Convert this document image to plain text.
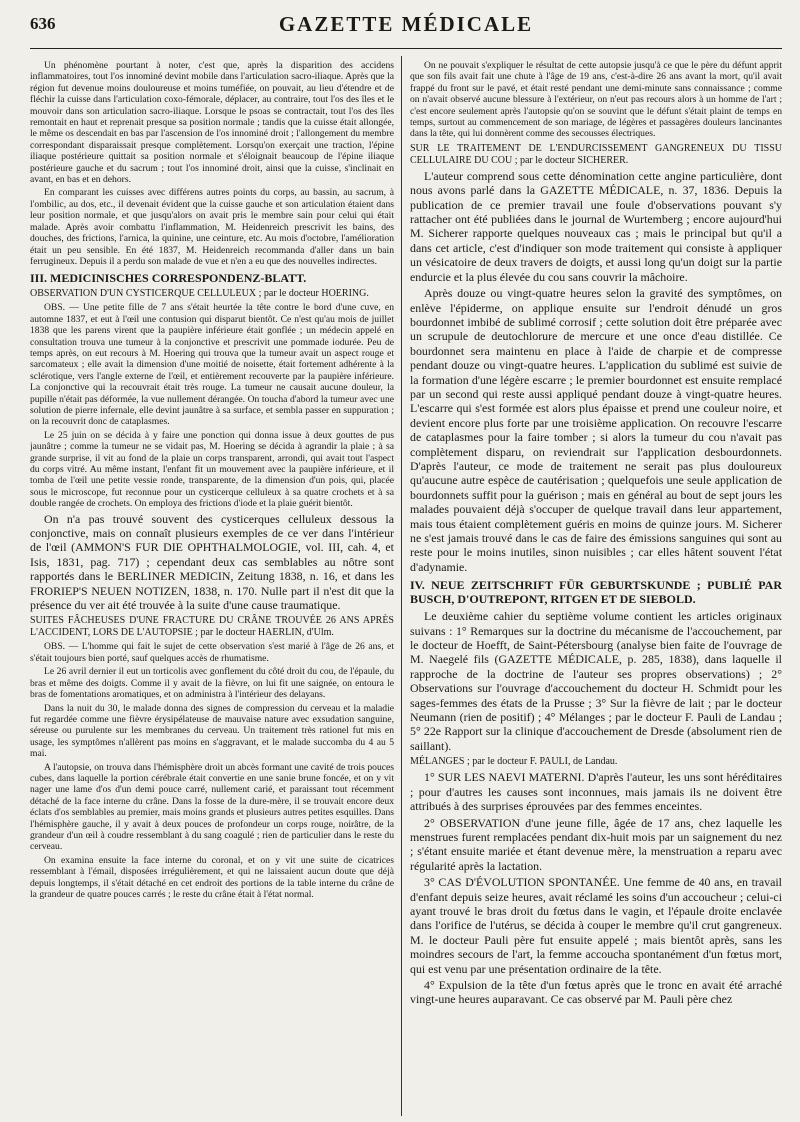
636	GAZETTE MÉDICALE

Un phénomène pourtant à noter, c'est que, après la disparition des accidens inflammatoires, tout l'os innominé devint mobile dans l'articulation sacro-iliaque. Après que la région fut devenue moins douloureuse et moins tuméfiée, on pouvait, au lieu d'étendre et de fléchir la cuisse dans l'articulation coxo-fémorale, déplacer, au contraire, tout l'os des îles et le mouvoir dans son articulation sacro-iliaque. Lorsque le psoas se contractait, tout l'os des îles remontait en haut et reprenait presque sa position normale ; tandis que la cuisse était allongée, le même os descendait en bas par l'ascension de l'os innominé droit ; l'allongement du membre correspondant disparaissait presque complètement. Lorsqu'on exerçait une traction, l'épine iliaque postérieure quittait sa position normale et s'éloignait beaucoup de l'épine iliaque postérieure gauche et du sacrum ; tout l'os innominé droit, ainsi que la cuisse, s'inclinait en avant, en bas et en dehors.

En comparant les cuisses avec différens autres points du corps, au bassin, au sacrum, à l'ombilic, au dos, etc., il devenait évident que la cuisse gauche et son articulation étaient dans leur position normale, et que jusqu'alors on avait pris le membre sain pour celui qui était malade. Après avoir combattu l'inflammation, M. Heidenreich prescrivit les bains, des douches, des frictions, l'arnica, la quinine, une ceinture, etc. Au mois d'octobre, l'amélioration était un peu sensible. En été 1837, M. Heidenreich recommanda d'aller dans un bain ferrugineux. Depuis il a perdu son malade de vue et n'en a eu que des nouvelles indirectes.

III. MEDICINISCHES CORRESPONDENZ-BLATT.

OBSERVATION D'UN CYSTICERQUE CELLULEUX ; par le docteur HOERING.

OBS. — Une petite fille de 7 ans s'était heurtée la tête contre le bord d'une cuve, en automne 1837, et eut à l'œil une contusion qui disparut bientôt. Ce n'est qu'au mois de juillet 1838 que les parens virent que la paupière inférieure était gonflée ; un médecin appelé en consultation trouva une tumeur à la conjonctive et prescrivit une pommade iodurée. Peu de temps après, on eut recours à M. Hoering qui trouva que la tumeur avait un aspect rouge et sarcomateux ; elle avait la dimension d'une moitié de noisette, était fortement adhérente à la sclérotique, vers l'angle externe de l'œil, et entièrement recouverte par la paupière inférieure. La conjonctive qui la recouvrait était très rouge. La tumeur ne causait aucune douleur, la pupille n'était pas déformée, la vue nullement dérangée. On toucha d'abord la tumeur avec une solution de pierre infernale, elle devint jaunâtre à sa surface, et sembla passer en suppuration ; on la recouvrit donc de cataplasmes.

Le 25 juin on se décida à y faire une ponction qui donna issue à deux gouttes de pus jaunâtre ; comme la tumeur ne se vidait pas, M. Hoering se décida à agrandir la plaie ; à sa grande surprise, il vit au fond de la plaie un corps transparent, arrondi, qui avait tout l'aspect du corps vitré. Au même instant, l'enfant fit un mouvement avec la paupière inférieure, et il tomba de l'œil une petite vessie ronde, transparente, de la dimension d'un pois, qui, placée sous le microscope, fut reconnue pour un cysticerque celluleux à sa quatre crochets et à sa double rangée de crochets. On employa des frictions d'iode et la plaie guérit bientôt.

On n'a pas trouvé souvent des cysticerques celluleux dessous la conjonctive, mais on connaît plusieurs exemples de ce ver dans l'intérieur de l'œil (AMMON'S FUR DIE OPHTHALMOLOGIE, vol. III, cah. 4, et Isis, 1831, pag. 717) ; cependant deux cas semblables au nôtre sont rapportés dans le BERLINER MEDICIN, Zeitung 1838, n. 16, et dans les FRORIEP'S NEUEN NOTIZEN, 1838, n. 170. Nulle part il n'est dit que la présence du ver ait été trouvée à la suite d'une cause traumatique.

SUITES FÂCHEUSES D'UNE FRACTURE DU CRÂNE TROUVÉE 26 ANS APRÈS L'ACCIDENT, LORS DE L'AUTOPSIE ; par le docteur HAERLIN, d'Ulm.

OBS. — L'homme qui fait le sujet de cette observation s'est marié à l'âge de 26 ans, et s'était toujours bien porté, sauf quelques accès de rhumatisme.

Le 26 avril dernier il eut un torticolis avec gonflement du côté droit du cou, de l'épaule, du bras et même des doigts. Comme il y avait de la fièvre, on lui fit une saignée, on entoura le bras de fomentations aromatiques, et on administra à l'intérieur des delayans.

Dans la nuit du 30, le malade donna des signes de compression du cerveau et la maladie fut regardée comme une fièvre érysipélateuse de mauvaise nature avec exsudation sanguine, séreuse ou purulente sur les membranes du cerveau. Un traitement très rationel fut mis en usage, les symptômes n'allèrent pas moins en s'aggravant, et le malade succomba du 4 au 5 mai.

A l'autopsie, on trouva dans l'hémisphère droit un abcès formant une cavité de trois pouces cubes, dans laquelle la portion cérébrale était convertie en une sanie brune foncée, et on y vit nager une lame d'os d'un demi pouce carré, nullement carié, et paraissant tout récemment détaché de la face interne du crâne. Dans la fosse de la dure-mère, il se trouvait encore deux éclats d'os semblables au premier, mais moins grands et plusieurs autres petites esquilles. Dans l'hémisphère gauche, il y avait à deux pouces de profondeur un corps rouge, noirâtre, de la grandeur d'un œil à coudre ressemblant à du sang coagulé ; rien de particulier dans le reste du cerveau.

On examina ensuite la face interne du coronal, et on y vit une suite de cicatrices ressemblant à l'émail, disposées irrégulièrement, et qui ne laissaient aucun doute que déjà depuis longtemps, il s'était détaché en cet endroit des portions de la table interne du crâne de la grandeur de quatre pouces carrés ; le reste du crâne était à l'état normal.

On ne pouvait s'expliquer le résultat de cette autopsie jusqu'à ce que le père du défunt apprit que son fils avait fait une chute à l'âge de 19 ans, c'est-à-dire 26 ans avant la mort, qu'il avait frappé du front sur le pavé, et était resté pendant une demi-minute sans connaissance ; comme on n'avait observé aucune blessure à l'extérieur, on n'eut pas recours alors à un homme de l'art ; c'est encore seulement après l'autopsie qu'on se souvint que le défunt s'était plaint de temps en temps, surtout au commencement de son mariage, de légères et passagères douleurs lancinantes dans la tête, qui lui donnèrent comme des secousses électriques.

SUR LE TRAITEMENT DE L'ENDURCISSEMENT GANGRENEUX DU TISSU CELLULAIRE DU COU ; par le docteur SICHERER.

L'auteur comprend sous cette dénomination cette angine particulière, dont nous avons parlé dans la GAZETTE MÉDICALE, n. 37, 1836. Depuis la publication de ce premier travail une foule d'observations pouvant s'y rattacher ont été publiées dans le journal de Wurtemberg ; encore aujourd'hui M. Sicherer rapporte quelques nouveaux cas ; mais le principal but qu'il a dans cet article, c'est d'indiquer son mode traitement qui consiste à appliquer un vésicatoire de deux travers de doigts, et aussi long qu'un doigt sur la partie endurcie et la plus élevée du cou sans couvrir la mâchoire.

Après douze ou vingt-quatre heures selon la gravité des symptômes, on enlève l'épiderme, on applique ensuite sur l'endroit dénudé un gros bourdonnet imbibé de sublimé corrosif ; cette solution doit être préparée avec un scrupule de deutochlorure de mercure et une once d'eau distillée. Ce bourdonnet sera maintenu en place à l'aide de charpie et de compresse pendant douze ou vingt-quatre heures. L'application du sublimé est suivie de la formation d'une légère escarre ; le premier bourdonnet est ensuite remplacé par un second qui reste aussi appliqué pendant douze à vingt-quatre heures. L'escarre qui s'est formée est alors plus épaisse et prend une couleur noire, et devient encore plus forte par une troisième application. On recouvre l'escarre de cataplasmes pour la faire tomber ; si alors la tumeur du cou n'avait pas complètement disparu, on reviendrait sur l'application desbourdonnets. D'après l'auteur, ce mode de traitement ne serait pas plus douloureux qu'aucune autre espèce de cautérisation ; quelquefois une seule application de bourdonnets suffit pour la guérison ; mais en général au bout de sept jours les malades pouvaient déjà s'occuper de quelque travail dans leur appartement, mais tous étaient complètement guéris en moins de quinze jours. M. Sicherer ne s'est jamais trouvé dans le cas de faire des émissions sanguines qui sont au reste pour le moins inutiles, sinon nuisibles ; car elles hâtent souvent l'état d'adynamie.

IV. NEUE ZEITSCHRIFT FÜR GEBURTSKUNDE ; PUBLIÉ PAR BUSCH, D'OUTREPONT, RITGEN ET DE SIEBOLD.

Le deuxième cahier du septième volume contient les articles originaux suivans : 1° Remarques sur la doctrine du mécanisme de l'accouchement, par le docteur de Hoefft, de Saint-Pétersbourg (analyse bien faite de l'ouvrage de M. Naegelé fils (GAZETTE MÉDICALE, p. 285, 1838), dans laquelle il rapproche de la doctrine de l'auteur ses propres observations) ; 2° Observations sur l'ouvrage d'accouchement du docteur H. Schmidt pour les sages-femmes des états de la Prusse ; 3° Sur la fièvre de lait ; par le docteur Neumann (rien de positif) ; 4° Mélanges ; par le docteur F. Pauli de Landau ; 5° 22e Rapport sur la clinique d'accouchement de Dresde (absolument rien de saillant).

MÉLANGES ; par le docteur F. PAULI, de Landau.

1° SUR LES NAEVI MATERNI. D'après l'auteur, les uns sont héréditaires ; pour d'autres les causes sont inconnues, mais jamais ils ne doivent être attribués à des surprises éprouvées par des femmes enceintes.

2° OBSERVATION d'une jeune fille, âgée de 17 ans, chez laquelle les menstrues furent remplacées pendant dix-huit mois par un saignement du nez ; s'étant ensuite mariée et étant devenue mère, la menstruation a reparu avec régularité après la lactation.

3° CAS D'ÉVOLUTION SPONTANÉE. Une femme de 40 ans, en travail d'enfant depuis seize heures, avait réclamé les soins d'un accoucheur ; celui-ci ayant trouvé le bras droit du fœtus dans le vagin, et l'épaule droite enclavée dans l'orifice de l'utérus, se décida à couper le membre qu'il crut gangreneux. M. le docteur Pauli père fut ensuite appelé ; mais bientôt après, sans les moindres secours de l'art, la femme accoucha spontanément d'un fœtus mort, qui est venu par une présentation ordinaire de la tête.

4° Expulsion de la tête d'un fœtus après que le tronc en avait été arraché vingt-une heures auparavant. Ce cas observé par M. Pauli père chez
